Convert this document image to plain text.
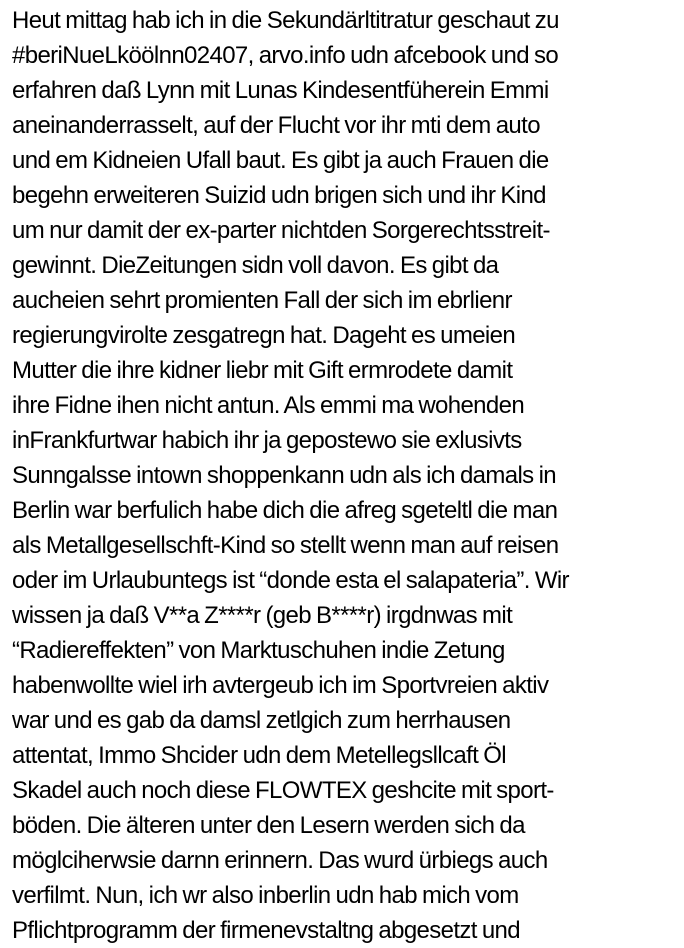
Heut mittag hab ich in die Sekundärltitratur geschaut zu
#beriNueLköölnn02407, arvo.info udn afcebook und so
erfahren daß Lynn mit Lunas Kindesentfüherein Emmi
aneinanderrasselt, auf der Flucht vor ihr mti dem auto
und em Kidneien Ufall baut. Es gibt ja auch Frauen die
begehn erweiteren Suizid udn brigen sich und ihr Kind
um nur damit der ex-parter nichtden Sorgerechtsstreit-
gewinnt. DieZeitungen sidn voll davon. Es gibt da
aucheien sehrt promienten Fall der sich im ebrlienr
regierungvirolte zesgatregn hat. Dageht es umeien
Mutter die ihre kidner liebr mit Gift ermrodete damit
ihre Fidne ihen nicht antun. Als emmi ma wohenden
inFrankfurtwar habich ihr ja gepostewo sie exlusivts
Sunngalsse intown shoppenkann udn als ich damals in
Berlin war berfulich habe dich die afreg sgeteltl die man
als Metallgesellschft-Kind so stellt wenn man auf reisen
oder im Urlaubuntegs ist “donde esta el salapateria”. Wir
wissen ja daß V**a Z****r (geb B****r) irgdnwas mit
“Radiereffekten” von Marktuschuhen indie Zetung
habenwollte wiel irh avtergeub ich im Sportvreien aktiv
war und es gab da damsl zetlgich zum herrhausen
attentat, Immo Shcider udn dem Metellegsllcaft Öl
Skadel auch noch diese FLOWTEX geshcite mit sport-
böden. Die älteren unter den Lesern werden sich da
möglciherwsie darnn erinnern. Das wurd ürbiegs auch
verfilmt. Nun, ich wr also inberlin udn hab mich vom
Pflichtprogramm der firmenevstaltng abgesetzt und
